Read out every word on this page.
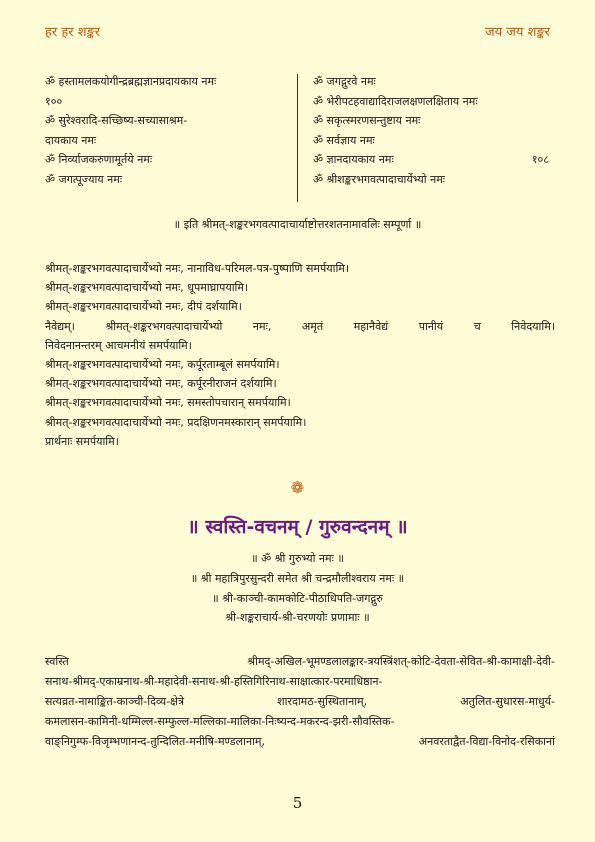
हर हर शङ्कर	जय जय शङ्कर
ॐ हस्तामलकयोगीन्द्रब्रह्मज्ञानप्रदायकाय नमः
१००
ॐ सुरेश्वरादि-सच्छिष्य-सच्यासाश्रम-
दायकाय नमः
ॐ निर्व्याजकरुणामूर्तये नमः
ॐ जगत्पूज्याय नमः
ॐ जगद्गुरवे नमः
ॐ भेरीपटहवाद्यादिराजलक्षणलक्षिताय नमः
ॐ सकृत्स्मरणसन्तुष्टाय नमः
ॐ सर्वज्ञाय नमः
ॐ ज्ञानदायकाय नमः	१०८
ॐ श्रीशङ्करभगवत्पादाचार्येभ्यो नमः
॥ इति श्रीमत्-शङ्करभगवत्पादाचार्याष्टोत्तरशतनामावलिः सम्पूर्णा ॥
श्रीमत्-शङ्करभगवत्पादाचार्येभ्यो नमः, नानाविध-परिमल-पत्र-पुष्पाणि समर्पयामि।
श्रीमत्-शङ्करभगवत्पादाचार्येभ्यो नमः, धूपमाघ्रापयामि।
श्रीमत्-शङ्करभगवत्पादाचार्येभ्यो नमः, दीपं दर्शयामि।
नैवेद्यम्। श्रीमत्-शङ्करभगवत्पादाचार्येभ्यो नमः, अमृतं महानैवेद्यं पानीयं च निवेदयामि।
निवेदनानन्तरम् आचमनीयं समर्पयामि।
श्रीमत्-शङ्करभगवत्पादाचार्येभ्यो नमः, कर्पूरताम्बूलं समर्पयामि।
श्रीमत्-शङ्करभगवत्पादाचार्येभ्यो नमः, कर्पूरनीराजनं दर्शयामि।
श्रीमत्-शङ्करभगवत्पादाचार्येभ्यो नमः, समस्तोपचारान् समर्पयामि।
श्रीमत्-शङ्करभगवत्पादाचार्येभ्यो नमः, प्रदक्षिणनमस्कारान् समर्पयामि।
प्रार्थनाः समर्पयामि।
❁
॥ स्वस्ति-वचनम् / गुरुवन्दनम् ॥
॥ ॐ श्री गुरुभ्यो नमः ॥
॥ श्री महात्रिपुरसुन्दरी समेत श्री चन्द्रमौलीश्वराय नमः ॥
॥ श्री-काञ्ची-कामकोटि-पीठाधिपति-जगद्गुरु
श्री-शङ्कराचार्य-श्री-चरणयोः प्रणामाः ॥
स्वस्ति श्रीमद्-अखिल-भूमण्डलालङ्कार-त्रयस्त्रिंशत्-कोटि-देवता-सेवित-श्री-कामाक्षी-देवी-
सनाथ-श्रीमद्-एकाम्रनाथ-श्री-महादेवी-सनाथ-श्री-हस्तिगिरिनाथ-साक्षात्कार-परमाधिष्ठान-
सत्यव्रत-नामाङ्कित-काञ्ची-दिव्य-क्षेत्रे शारदामठ-सुस्थितानाम्, अतुलित-सुधारस-माधुर्य-
कमलासन-कामिनी-धम्मिल्ल-सम्फुल्ल-मल्लिका-मालिका-निःष्यन्द-मकरन्द-झरी-सौवस्तिक-
वाङ्निगुम्फ-विजृम्भणानन्द-तुन्दिलित-मनीषि-मण्डलानाम्, अनवरताद्वैत-विद्या-विनोद-रसिकानां
5
